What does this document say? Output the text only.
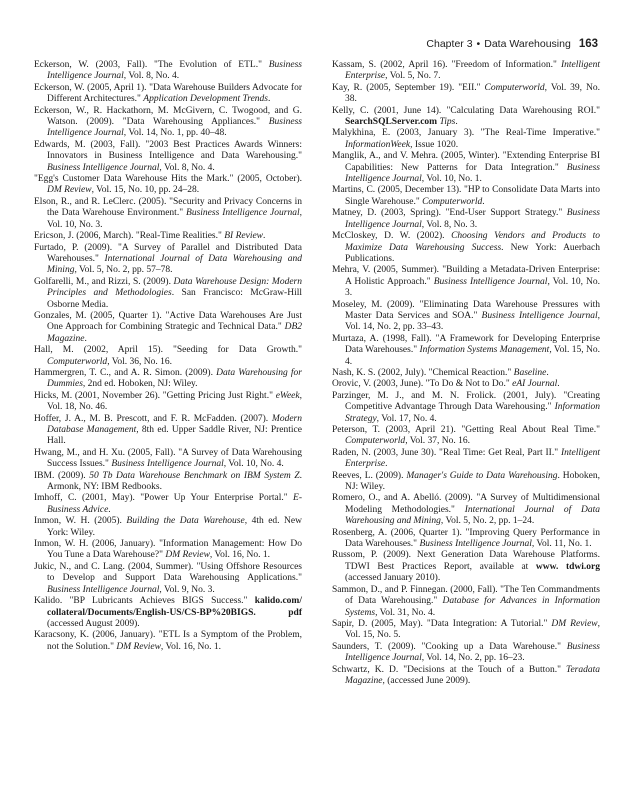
Chapter 3 • Data Warehousing 163

Eckerson, W. (2003, Fall). "The Evolution of ETL." Business Intelligence Journal, Vol. 8, No. 4.

Eckerson, W. (2005, April 1). "Data Warehouse Builders Advocate for Different Architectures." Application Development Trends.

Eckerson, W., R. Hackathorn, M. McGivern, C. Twogood, and G. Watson. (2009). "Data Warehousing Appliances." Business Intelligence Journal, Vol. 14, No. 1, pp. 40–48.

Edwards, M. (2003, Fall). "2003 Best Practices Awards Winners: Innovators in Business Intelligence and Data Warehousing." Business Intelligence Journal, Vol. 8, No. 4.

"Egg's Customer Data Warehouse Hits the Mark." (2005, October). DM Review, Vol. 15, No. 10, pp. 24–28.

Elson, R., and R. LeClerc. (2005). "Security and Privacy Concerns in the Data Warehouse Environment." Business Intelligence Journal, Vol. 10, No. 3.

Ericson, J. (2006, March). "Real-Time Realities." BI Review.

Furtado, P. (2009). "A Survey of Parallel and Distributed Data Warehouses." International Journal of Data Warehousing and Mining, Vol. 5, No. 2, pp. 57–78.

Golfarelli, M., and Rizzi, S. (2009). Data Warehouse Design: Modern Principles and Methodologies. San Francisco: McGraw-Hill Osborne Media.

Gonzales, M. (2005, Quarter 1). "Active Data Warehouses Are Just One Approach for Combining Strategic and Technical Data." DB2 Magazine.

Hall, M. (2002, April 15). "Seeding for Data Growth." Computerworld, Vol. 36, No. 16.

Hammergren, T. C., and A. R. Simon. (2009). Data Warehousing for Dummies, 2nd ed. Hoboken, NJ: Wiley.

Hicks, M. (2001, November 26). "Getting Pricing Just Right." eWeek, Vol. 18, No. 46.

Hoffer, J. A., M. B. Prescott, and F. R. McFadden. (2007). Modern Database Management, 8th ed. Upper Saddle River, NJ: Prentice Hall.

Hwang, M., and H. Xu. (2005, Fall). "A Survey of Data Warehousing Success Issues." Business Intelligence Journal, Vol. 10, No. 4.

IBM. (2009). 50 Tb Data Warehouse Benchmark on IBM System Z. Armonk, NY: IBM Redbooks.

Imhoff, C. (2001, May). "Power Up Your Enterprise Portal." E-Business Advice.

Inmon, W. H. (2005). Building the Data Warehouse, 4th ed. New York: Wiley.

Inmon, W. H. (2006, January). "Information Management: How Do You Tune a Data Warehouse?" DM Review, Vol. 16, No. 1.

Jukic, N., and C. Lang. (2004, Summer). "Using Offshore Resources to Develop and Support Data Warehousing Applications." Business Intelligence Journal, Vol. 9, No. 3.

Kalido. "BP Lubricants Achieves BIGS Success." kalido.com/ collateral/Documents/English-US/CS-BP%20BIGS. pdf (accessed August 2009).

Karacsony, K. (2006, January). "ETL Is a Symptom of the Problem, not the Solution." DM Review, Vol. 16, No. 1.

Kassam, S. (2002, April 16). "Freedom of Information." Intelligent Enterprise, Vol. 5, No. 7.

Kay, R. (2005, September 19). "EII." Computerworld, Vol. 39, No. 38.

Kelly, C. (2001, June 14). "Calculating Data Warehousing ROI." SearchSQLServer.com Tips.

Malykhina, E. (2003, January 3). "The Real-Time Imperative." InformationWeek, Issue 1020.

Manglik, A., and V. Mehra. (2005, Winter). "Extending Enterprise BI Capabilities: New Patterns for Data Integration." Business Intelligence Journal, Vol. 10, No. 1.

Martins, C. (2005, December 13). "HP to Consolidate Data Marts into Single Warehouse." Computerworld.

Matney, D. (2003, Spring). "End-User Support Strategy." Business Intelligence Journal, Vol. 8, No. 3.

McCloskey, D. W. (2002). Choosing Vendors and Products to Maximize Data Warehousing Success. New York: Auerbach Publications.

Mehra, V. (2005, Summer). "Building a Metadata-Driven Enterprise: A Holistic Approach." Business Intelligence Journal, Vol. 10, No. 3.

Moseley, M. (2009). "Eliminating Data Warehouse Pressures with Master Data Services and SOA." Business Intelligence Journal, Vol. 14, No. 2, pp. 33–43.

Murtaza, A. (1998, Fall). "A Framework for Developing Enterprise Data Warehouses." Information Systems Management, Vol. 15, No. 4.

Nash, K. S. (2002, July). "Chemical Reaction." Baseline.

Orovic, V. (2003, June). "To Do & Not to Do." eAI Journal.

Parzinger, M. J., and M. N. Frolick. (2001, July). "Creating Competitive Advantage Through Data Warehousing." Information Strategy, Vol. 17, No. 4.

Peterson, T. (2003, April 21). "Getting Real About Real Time." Computerworld, Vol. 37, No. 16.

Raden, N. (2003, June 30). "Real Time: Get Real, Part II." Intelligent Enterprise.

Reeves, L. (2009). Manager's Guide to Data Warehousing. Hoboken, NJ: Wiley.

Romero, O., and A. Abelló. (2009). "A Survey of Multidimensional Modeling Methodologies." International Journal of Data Warehousing and Mining, Vol. 5, No. 2, pp. 1–24.

Rosenberg, A. (2006, Quarter 1). "Improving Query Performance in Data Warehouses." Business Intelligence Journal, Vol. 11, No. 1.

Russom, P. (2009). Next Generation Data Warehouse Platforms. TDWI Best Practices Report, available at www. tdwi.org (accessed January 2010).

Sammon, D., and P. Finnegan. (2000, Fall). "The Ten Commandments of Data Warehousing." Database for Advances in Information Systems, Vol. 31, No. 4.

Sapir, D. (2005, May). "Data Integration: A Tutorial." DM Review, Vol. 15, No. 5.

Saunders, T. (2009). "Cooking up a Data Warehouse." Business Intelligence Journal, Vol. 14, No. 2, pp. 16–23.

Schwartz, K. D. "Decisions at the Touch of a Button." Teradata Magazine, (accessed June 2009).
